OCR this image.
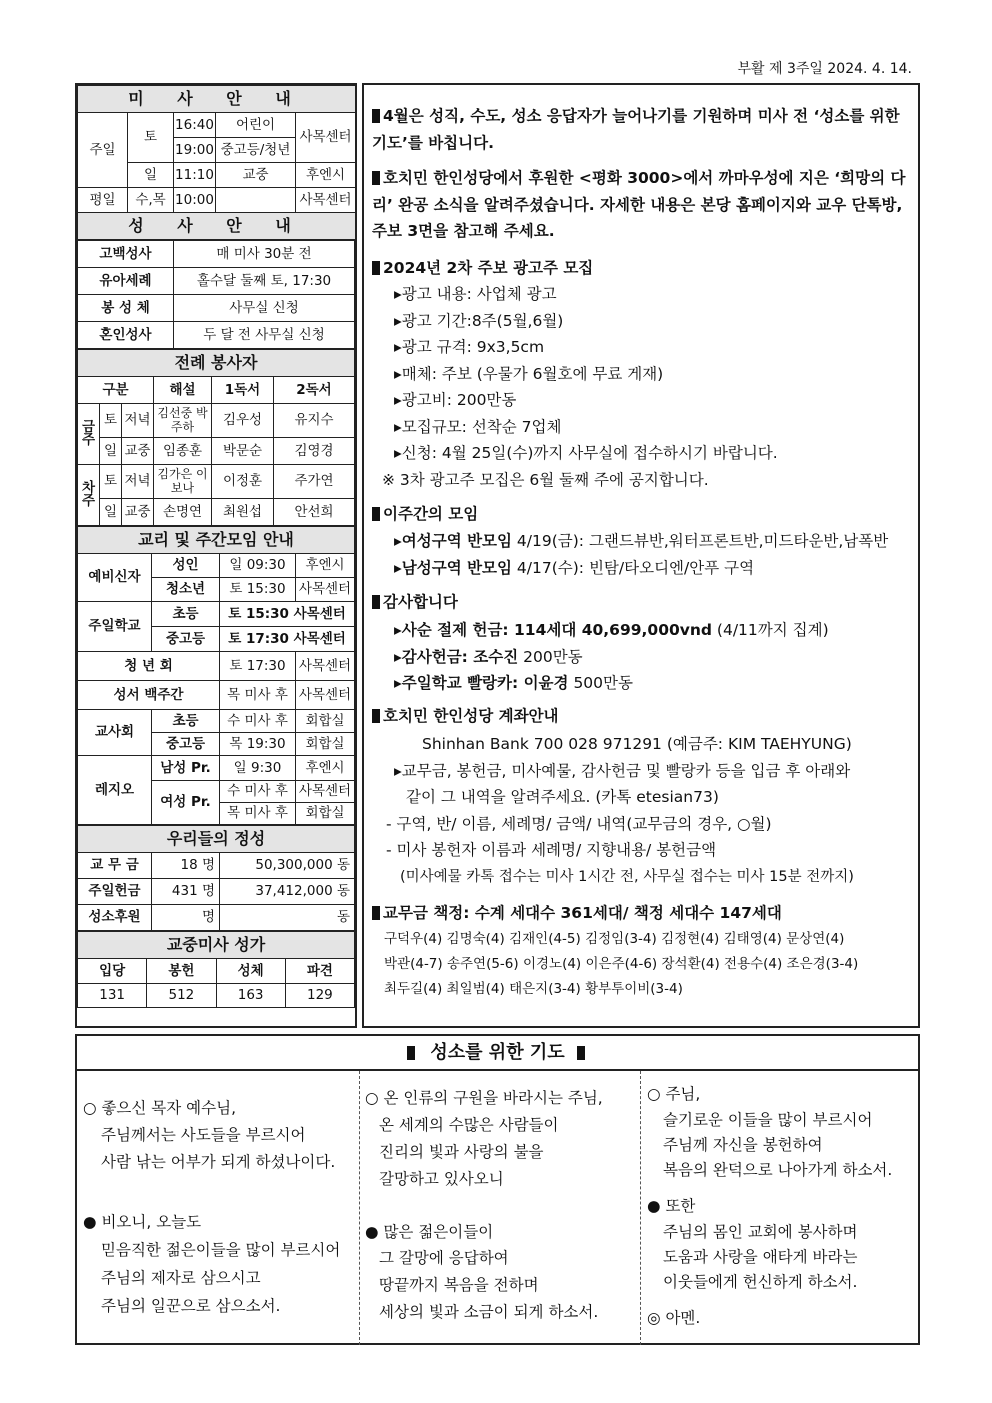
부활 제 3주일 2024. 4. 14.
미 사 안 내				
주일	토	16:40	어린이	사목센터
		19:00	중고등/청년	
	일	11:10	교중	후엔시
평일	수,목	10:00		사목센터
성 사 안 내				
고백성사	매 미사 30분 전
유아세례	홀수달 둘째 토, 17:30
봉 성 체	사무실 신청
혼인성사	두 달 전 사무실 신청
전례 봉사자					
구분			해설	1독서	2독서
금주	토	저녁	김선중 박주하	김우성	유지수
	일	교중	임종훈	박문순	김영경
차주	토	저녁	김가은 이보나	이정훈	주가연
	일	교중	손명연	최원섭	안선희
교리 및 주간모임 안내			
예비신자	성인	일 09:30	후엔시
	청소년	토 15:30	사목센터
주일학교	초등	토 15:30 사목센터	
	중고등	토 17:30 사목센터	
청 년 회		토 17:30	사목센터
성서 백주간		목 미사 후	사목센터
교사회	초등	수 미사 후	회합실
	중고등	목 19:30	회합실
레지오	남성 Pr.	일 9:30	후엔시
	여성 Pr.	수 미사 후	사목센터
		목 미사 후	회합실
우리들의 정성		
교 무 금	18 명	50,300,000 동
주일헌금	431 명	37,412,000 동
성소후원	명	동
교중미사 성가			
입당	봉헌	성체	파견
131	512	163	129
4월은 성직, 수도, 성소 응답자가 늘어나기를 기원하며 미사 전 ‘성소를 위한 기도’를 바칩니다.
호치민 한인성당에서 후원한 <평화 3000>에서 까마우성에 지은 ‘희망의 다리’ 완공 소식을 알려주셨습니다. 자세한 내용은 본당 홈페이지와 교우 단톡방, 주보 3면을 참고해 주세요.
2024년 2차 주보 광고주 모집
▸광고 내용: 사업체 광고
▸광고 기간:8주(5월,6월)
▸광고 규격: 9x3,5cm
▸매체: 주보 (우물가 6월호에 무료 게재)
▸광고비: 200만동
▸모집규모: 선착순 7업체
▸신청: 4월 25일(수)까지 사무실에 접수하시기 바랍니다.
※ 3차 광고주 모집은 6월 둘째 주에 공지합니다.
이주간의 모임
▸여성구역 반모임 4/19(금): 그랜드뷰반,워터프론트반,미드타운반,남폭반
▸남성구역 반모임 4/17(수): 빈탐/타오디엔/안푸 구역
감사합니다
▸사순 절제 헌금: 114세대 40,699,000vnd (4/11까지 집계)
▸감사헌금: 조수진 200만동
▸주일학교 빨랑카: 이윤경 500만동
호치민 한인성당 계좌안내
Shinhan Bank 700 028 971291 (예금주: KIM TAEHYUNG)
▸교무금, 봉헌금, 미사예물, 감사헌금 및 빨랑카 등을 입금 후 아래와
같이 그 내역을 알려주세요. (카톡 etesian73)
- 구역, 반/ 이름, 세례명/ 금액/ 내역(교무금의 경우, ○월)
- 미사 봉헌자 이름과 세례명/ 지향내용/ 봉헌금액
(미사예물 카톡 접수는 미사 1시간 전, 사무실 접수는 미사 15분 전까지)
교무금 책정: 수계 세대수 361세대/ 책정 세대수 147세대
구덕우(4) 김명숙(4) 김재인(4-5) 김정임(3-4) 김정현(4) 김태영(4) 문상연(4)
박관(4-7) 송주연(5-6) 이경노(4) 이은주(4-6) 장석환(4) 전용수(4) 조은경(3-4)
최두길(4) 최일범(4) 태은지(3-4) 황부투이비(3-4)
성소를 위한 기도
○ 좋으신 목자 예수님,
주님께서는 사도들을 부르시어
사람 낚는 어부가 되게 하셨나이다.
● 비오니, 오늘도
믿음직한 젊은이들을 많이 부르시어
주님의 제자로 삼으시고
주님의 일꾼으로 삼으소서.
○ 온 인류의 구원을 바라시는 주님,
온 세계의 수많은 사람들이
진리의 빛과 사랑의 불을
갈망하고 있사오니
● 많은 젊은이들이
그 갈망에 응답하여
땅끝까지 복음을 전하며
세상의 빛과 소금이 되게 하소서.
○ 주님,
슬기로운 이들을 많이 부르시어
주님께 자신을 봉헌하여
복음의 완덕으로 나아가게 하소서.
● 또한
주님의 몸인 교회에 봉사하며
도움과 사랑을 애타게 바라는
이웃들에게 헌신하게 하소서.
◎ 아멘.
